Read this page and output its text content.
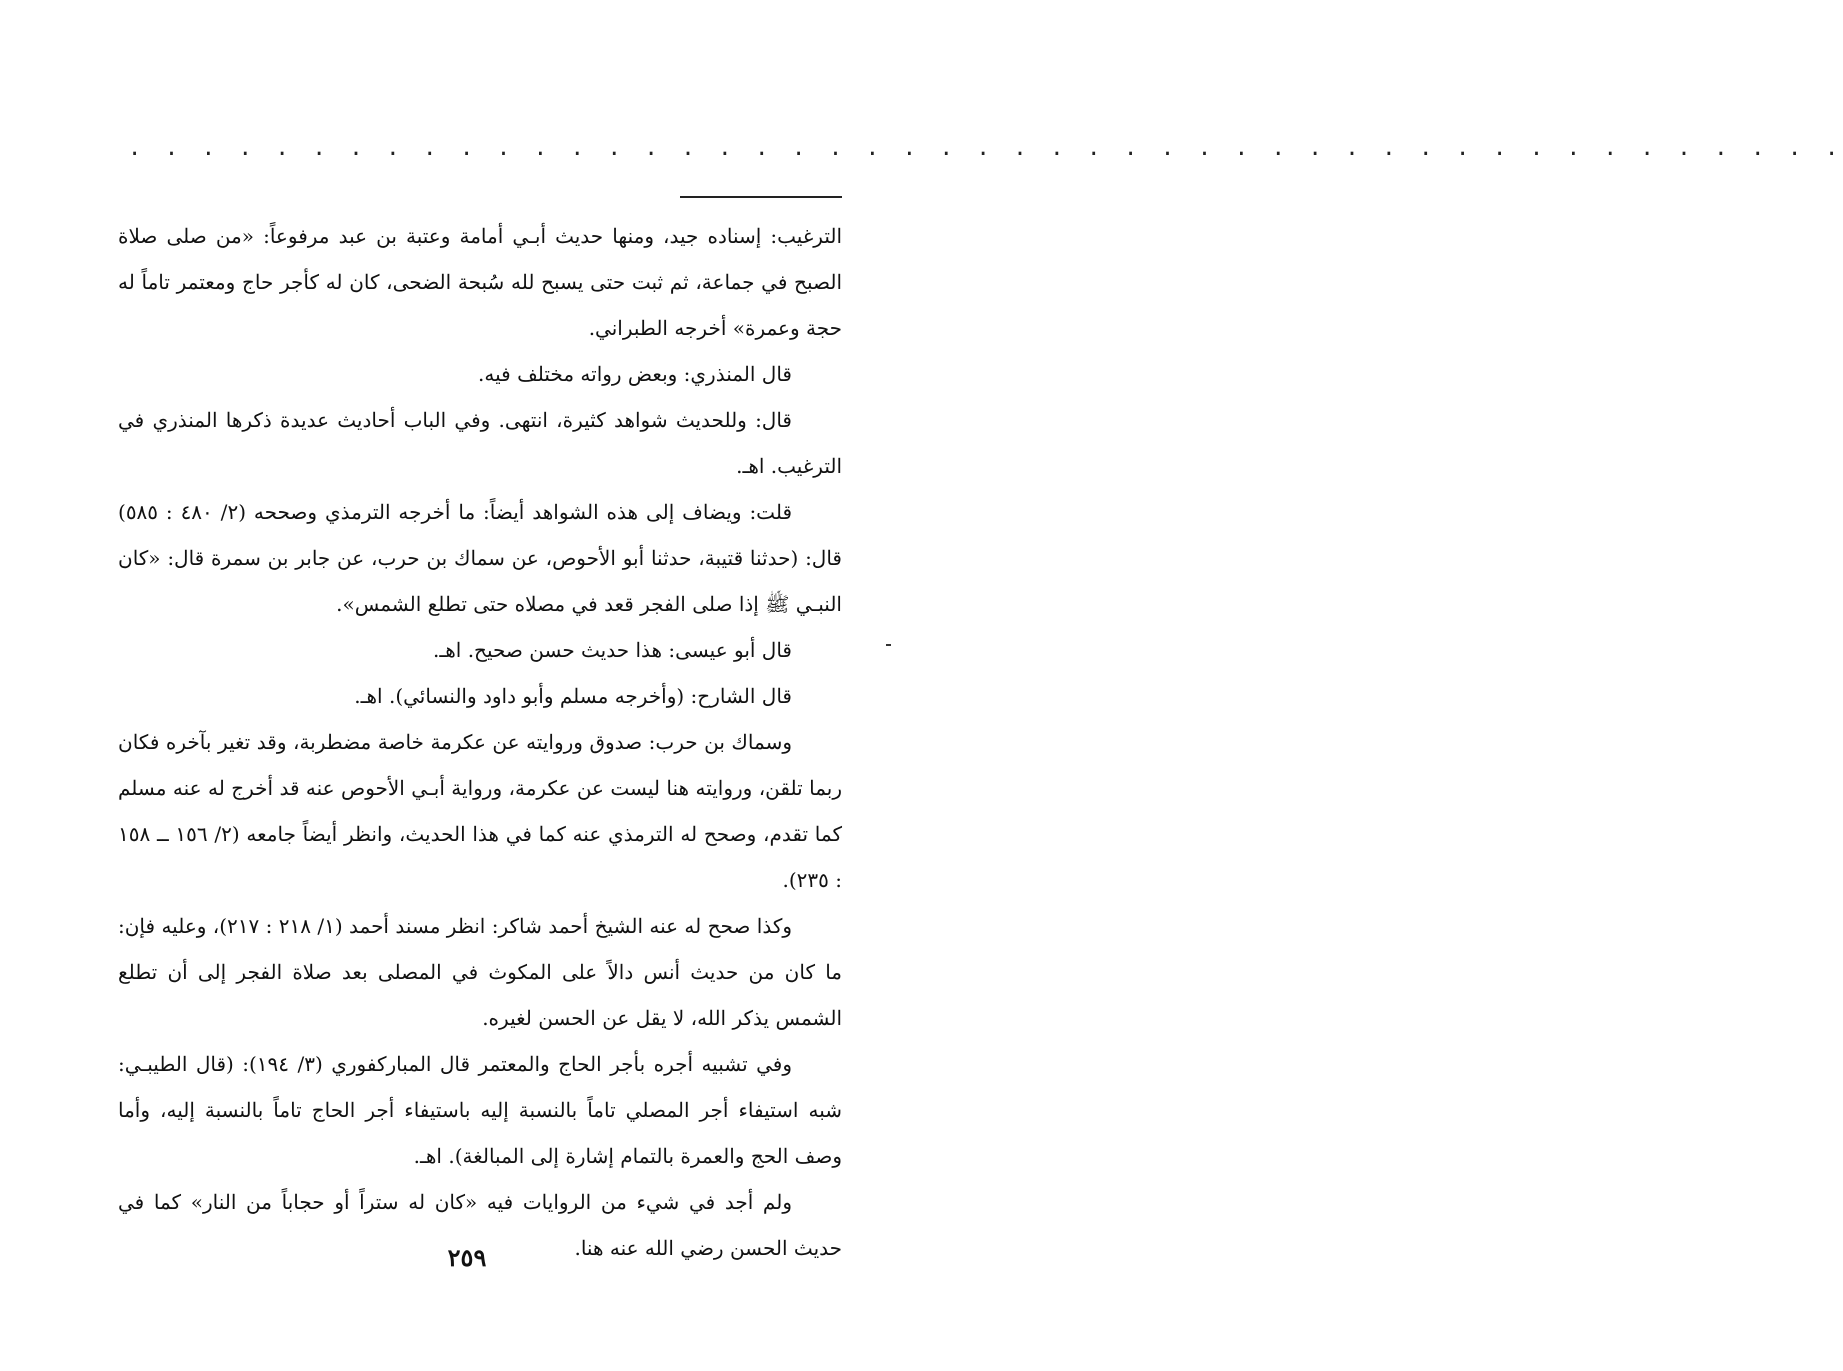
. . . . . . . . . . . . . . . . . . . . . . . . . . . . . . . . . . . . . . . . . . . . . . .

الترغيب: إسناده جيد، ومنها حديث أبـي أمامة وعتبة بن عبد مرفوعاً: «من صلى صلاة الصبح في جماعة، ثم ثبت حتى يسبح لله سُبحة الضحى، كان له كأجر حاج ومعتمر تاماً له حجة وعمرة» أخرجه الطبراني.

قال المنذري: وبعض رواته مختلف فيه.

قال: وللحديث شواهد كثيرة، انتهى. وفي الباب أحاديث عديدة ذكرها المنذري في الترغيب. اهـ.

قلت: ويضاف إلى هذه الشواهد أيضاً: ما أخرجه الترمذي وصححه (٢/ ٤٨٠ : ٥٨٥) قال: (حدثنا قتيبة، حدثنا أبو الأحوص، عن سماك بن حرب، عن جابر بن سمرة قال: «كان النبـي ﷺ إذا صلى الفجر قعد في مصلاه حتى تطلع الشمس».

قال أبو عيسى: هذا حديث حسن صحيح. اهـ.

قال الشارح: (وأخرجه مسلم وأبو داود والنسائي). اهـ.

وسماك بن حرب: صدوق وروايته عن عكرمة خاصة مضطربة، وقد تغير بآخره فكان ربما تلقن، وروايته هنا ليست عن عكرمة، ورواية أبـي الأحوص عنه قد أخرج له عنه مسلم كما تقدم، وصحح له الترمذي عنه كما في هذا الحديث، وانظر أيضاً جامعه (٢/ ١٥٦ ــ ١٥٨ : ٢٣٥).

وكذا صحح له عنه الشيخ أحمد شاكر: انظر مسند أحمد (١/ ٢١٨ : ٢١٧)، وعليه فإن: ما كان من حديث أنس دالاً على المكوث في المصلى بعد صلاة الفجر إلى أن تطلع الشمس يذكر الله، لا يقل عن الحسن لغيره.

وفي تشبيه أجره بأجر الحاج والمعتمر قال المباركفوري (٣/ ١٩٤): (قال الطيبـي: شبه استيفاء أجر المصلي تاماً بالنسبة إليه باستيفاء أجر الحاج تاماً بالنسبة إليه، وأما وصف الحج والعمرة بالتمام إشارة إلى المبالغة). اهـ.

ولم أجد في شيء من الروايات فيه «كان له ستراً أو حجاباً من النار» كما في حديث الحسن رضي الله عنه هنا.

٢٥٩
